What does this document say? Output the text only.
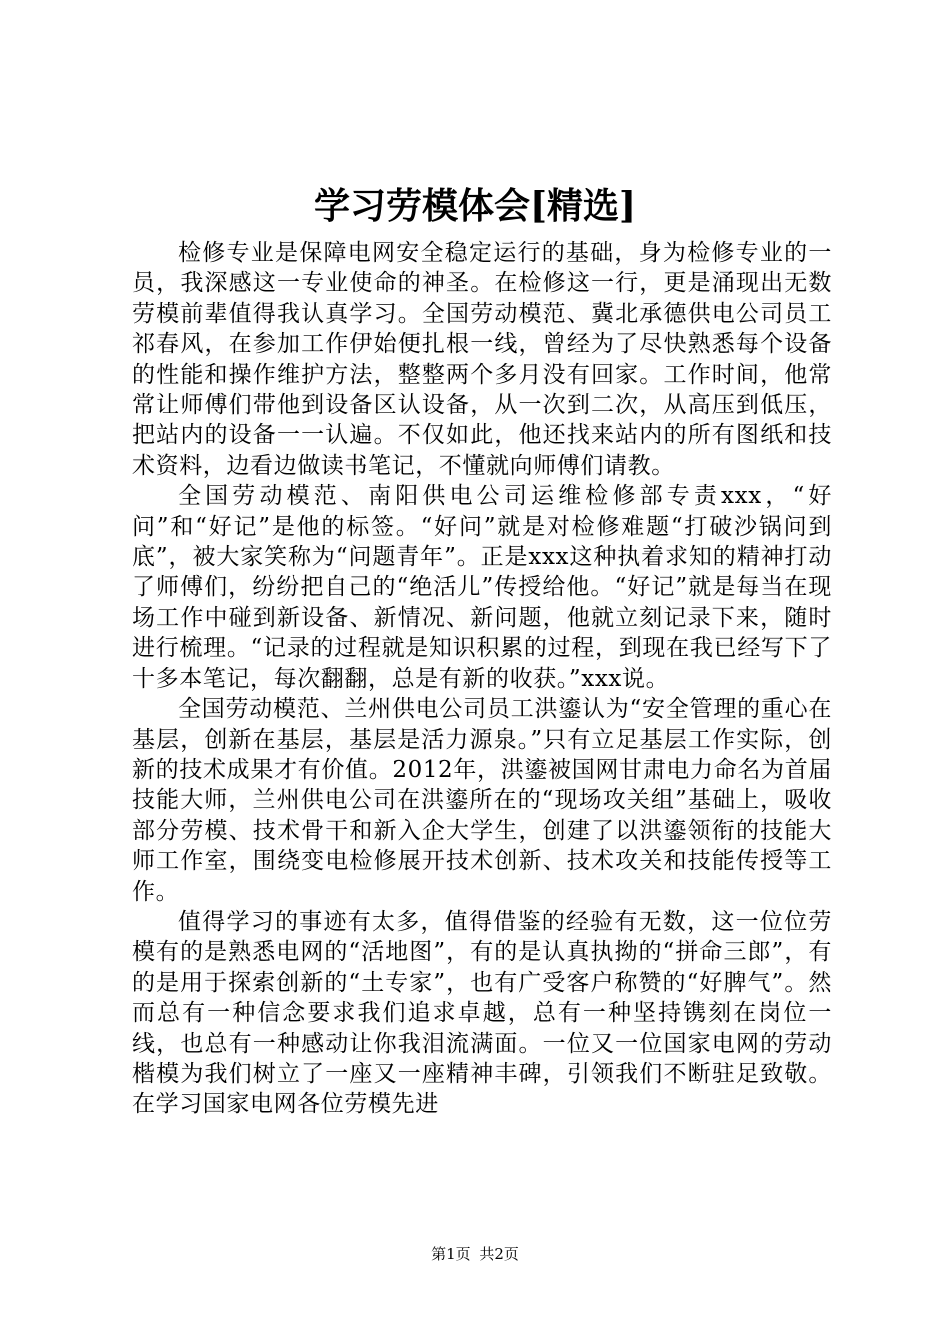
学习劳模体会[精选]

检修专业是保障电网安全稳定运行的基础，身为检修专业的一员，我深感这一专业使命的神圣。在检修这一行，更是涌现出无数劳模前辈值得我认真学习。全国劳动模范、冀北承德供电公司员工祁春风，在参加工作伊始便扎根一线，曾经为了尽快熟悉每个设备的性能和操作维护方法，整整两个多月没有回家。工作时间，他常常让师傅们带他到设备区认设备，从一次到二次，从高压到低压，把站内的设备一一认遍。不仅如此，他还找来站内的所有图纸和技术资料，边看边做读书笔记，不懂就向师傅们请教。

全国劳动模范、南阳供电公司运维检修部专责xxx，“好问”和“好记”是他的标签。“好问”就是对检修难题“打破沙锅问到底”，被大家笑称为“问题青年”。正是xxx这种执着求知的精神打动了师傅们，纷纷把自己的“绝活儿”传授给他。“好记”就是每当在现场工作中碰到新设备、新情况、新问题，他就立刻记录下来，随时进行梳理。“记录的过程就是知识积累的过程，到现在我已经写下了十多本笔记，每次翻翻，总是有新的收获。”xxx说。

全国劳动模范、兰州供电公司员工洪鎏认为“安全管理的重心在基层，创新在基层，基层是活力源泉。”只有立足基层工作实际，创新的技术成果才有价值。2012年，洪鎏被国网甘肃电力命名为首届技能大师，兰州供电公司在洪鎏所在的“现场攻关组”基础上，吸收部分劳模、技术骨干和新入企大学生，创建了以洪鎏领衔的技能大师工作室，围绕变电检修展开技术创新、技术攻关和技能传授等工作。

值得学习的事迹有太多，值得借鉴的经验有无数，这一位位劳模有的是熟悉电网的“活地图”，有的是认真执拗的“拼命三郎”，有的是用于探索创新的“土专家”，也有广受客户称赞的“好脾气”。然而总有一种信念要求我们追求卓越，总有一种坚持镌刻在岗位一线，也总有一种感动让你我泪流满面。一位又一位国家电网的劳动楷模为我们树立了一座又一座精神丰碑，引领我们不断驻足致敬。在学习国家电网各位劳模先进

第1页 共2页
